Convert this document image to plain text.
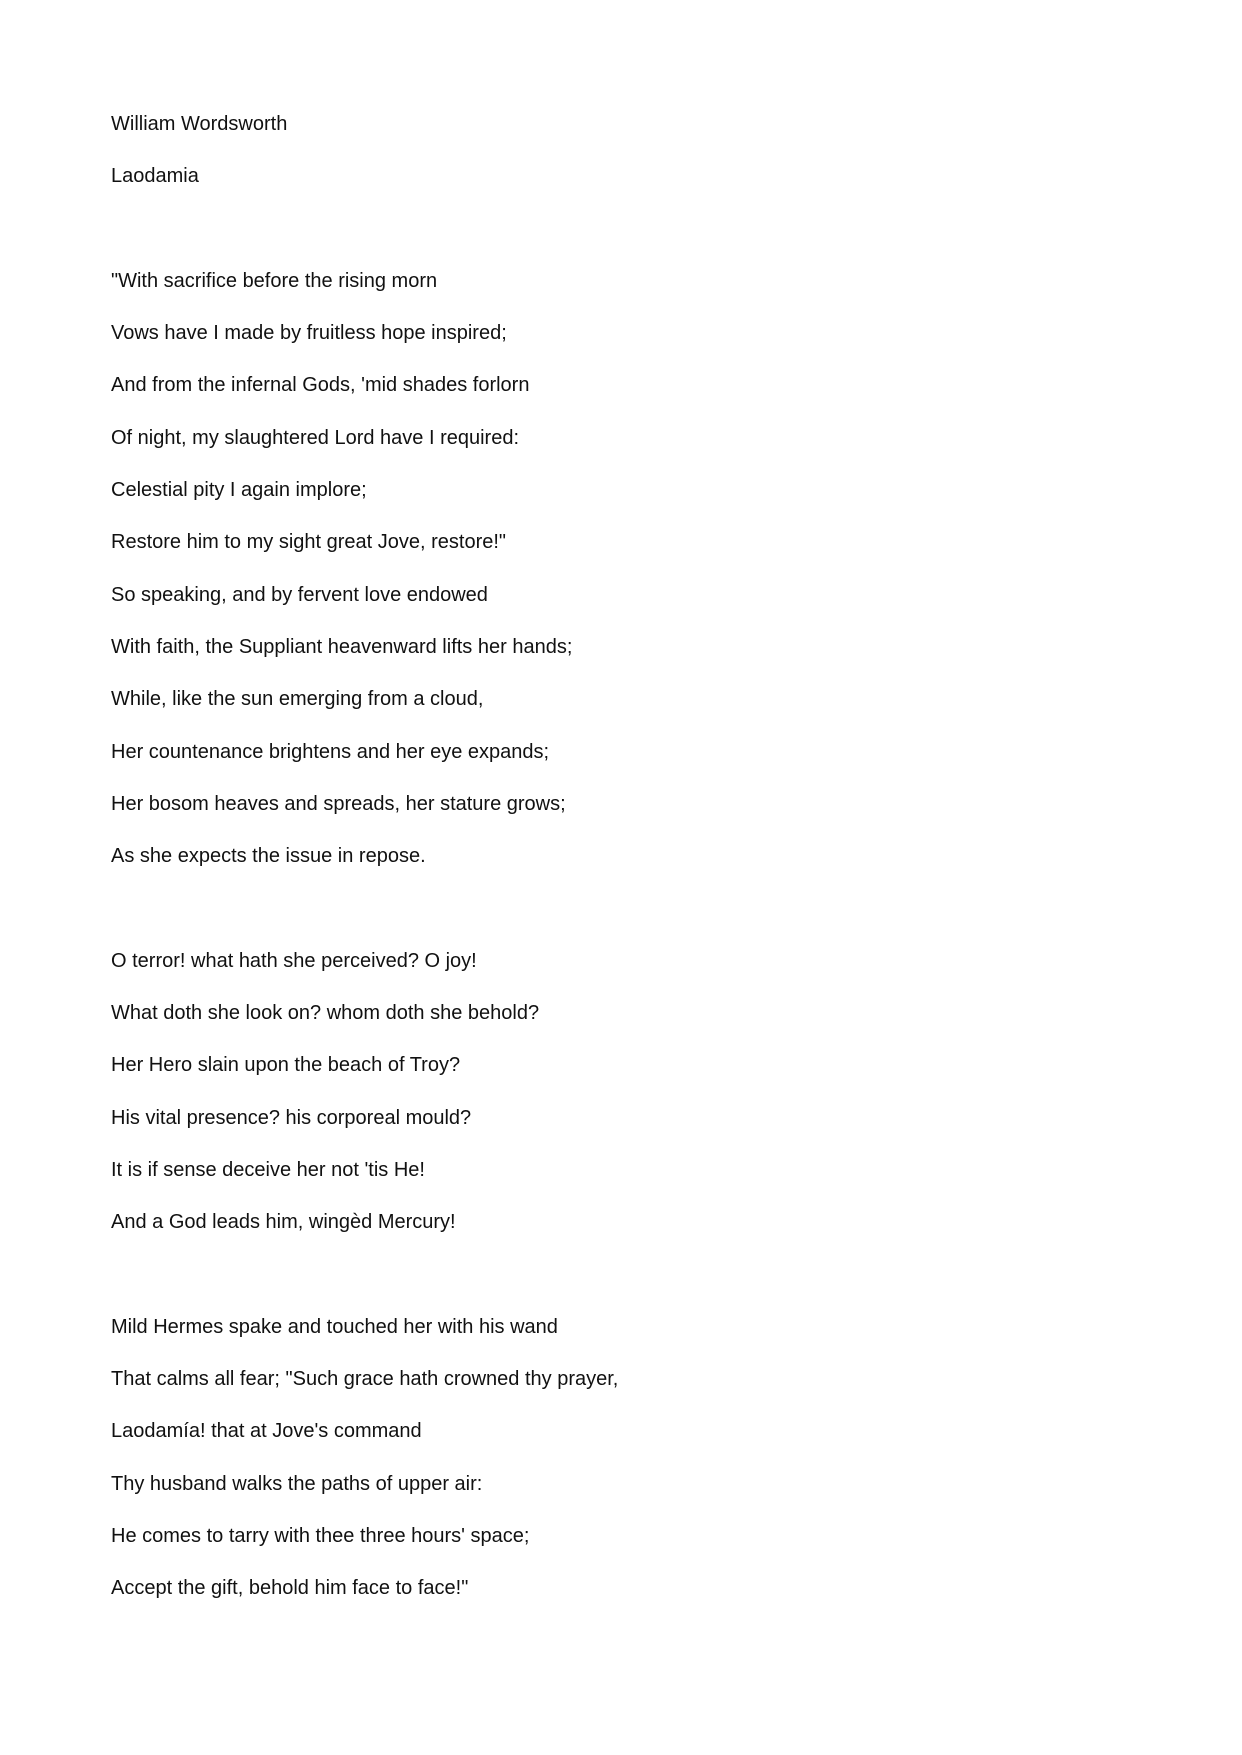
William Wordsworth
Laodamia
"With sacrifice before the rising morn
Vows have I made by fruitless hope inspired;
And from the infernal Gods, 'mid shades forlorn
Of night, my slaughtered Lord have I required:
Celestial pity I again implore;
Restore him to my sight great Jove, restore!"
So speaking, and by fervent love endowed
With faith, the Suppliant heavenward lifts her hands;
While, like the sun emerging from a cloud,
Her countenance brightens and her eye expands;
Her bosom heaves and spreads, her stature grows;
As she expects the issue in repose.
O terror! what hath she perceived? O joy!
What doth she look on? whom doth she behold?
Her Hero slain upon the beach of Troy?
His vital presence? his corporeal mould?
It is if sense deceive her not 'tis He!
And a God leads him, wingèd Mercury!
Mild Hermes spake and touched her with his wand
That calms all fear; "Such grace hath crowned thy prayer,
Laodamía! that at Jove's command
Thy husband walks the paths of upper air:
He comes to tarry with thee three hours' space;
Accept the gift, behold him face to face!"
